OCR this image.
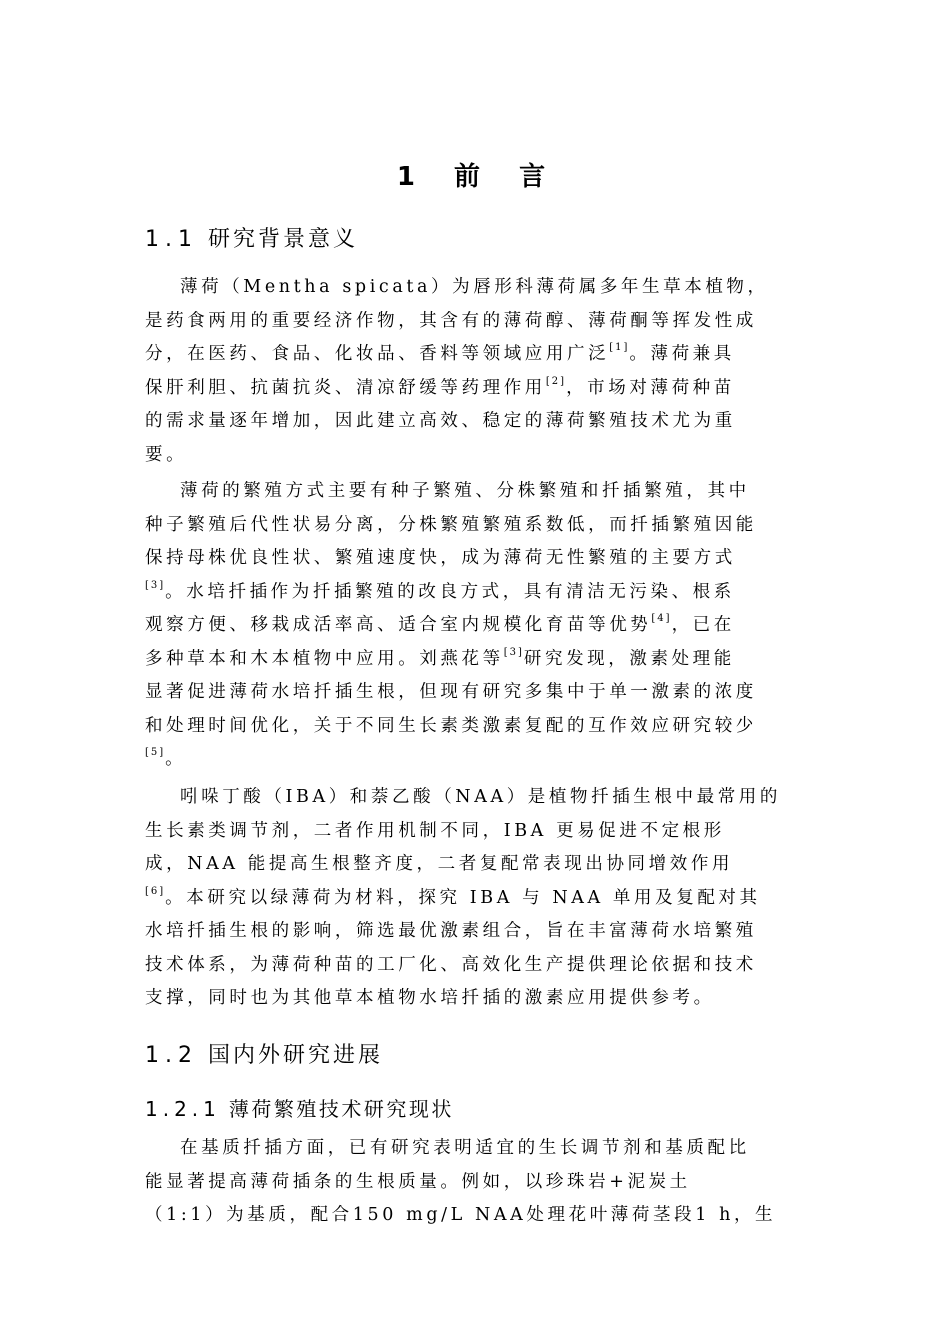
1 前 言
1.1 研究背景意义
薄荷（Mentha spicata）为唇形科薄荷属多年生草本植物，
是药食两用的重要经济作物，其含有的薄荷醇、薄荷酮等挥发性成
分，在医药、食品、化妆品、香料等领域应用广泛[1]。薄荷兼具
保肝利胆、抗菌抗炎、清凉舒缓等药理作用[2]，市场对薄荷种苗
的需求量逐年增加，因此建立高效、稳定的薄荷繁殖技术尤为重
要。
薄荷的繁殖方式主要有种子繁殖、分株繁殖和扦插繁殖，其中
种子繁殖后代性状易分离，分株繁殖繁殖系数低，而扦插繁殖因能
保持母株优良性状、繁殖速度快，成为薄荷无性繁殖的主要方式
[3]。水培扦插作为扦插繁殖的改良方式，具有清洁无污染、根系
观察方便、移栽成活率高、适合室内规模化育苗等优势[4]，已在
多种草本和木本植物中应用。刘燕花等[3]研究发现，激素处理能
显著促进薄荷水培扦插生根，但现有研究多集中于单一激素的浓度
和处理时间优化，关于不同生长素类激素复配的互作效应研究较少
[5]。
吲哚丁酸（IBA）和萘乙酸（NAA）是植物扦插生根中最常用的
生长素类调节剂，二者作用机制不同，IBA 更易促进不定根形
成，NAA 能提高生根整齐度，二者复配常表现出协同增效作用
[6]。本研究以绿薄荷为材料，探究 IBA 与 NAA 单用及复配对其
水培扦插生根的影响，筛选最优激素组合，旨在丰富薄荷水培繁殖
技术体系，为薄荷种苗的工厂化、高效化生产提供理论依据和技术
支撑，同时也为其他草本植物水培扦插的激素应用提供参考。
1.2 国内外研究进展
1.2.1 薄荷繁殖技术研究现状
在基质扦插方面，已有研究表明适宜的生长调节剂和基质配比
能显著提高薄荷插条的生根质量。例如，以珍珠岩+泥炭土
（1:1）为基质，配合150 mg/L NAA处理花叶薄荷茎段1 h，生
